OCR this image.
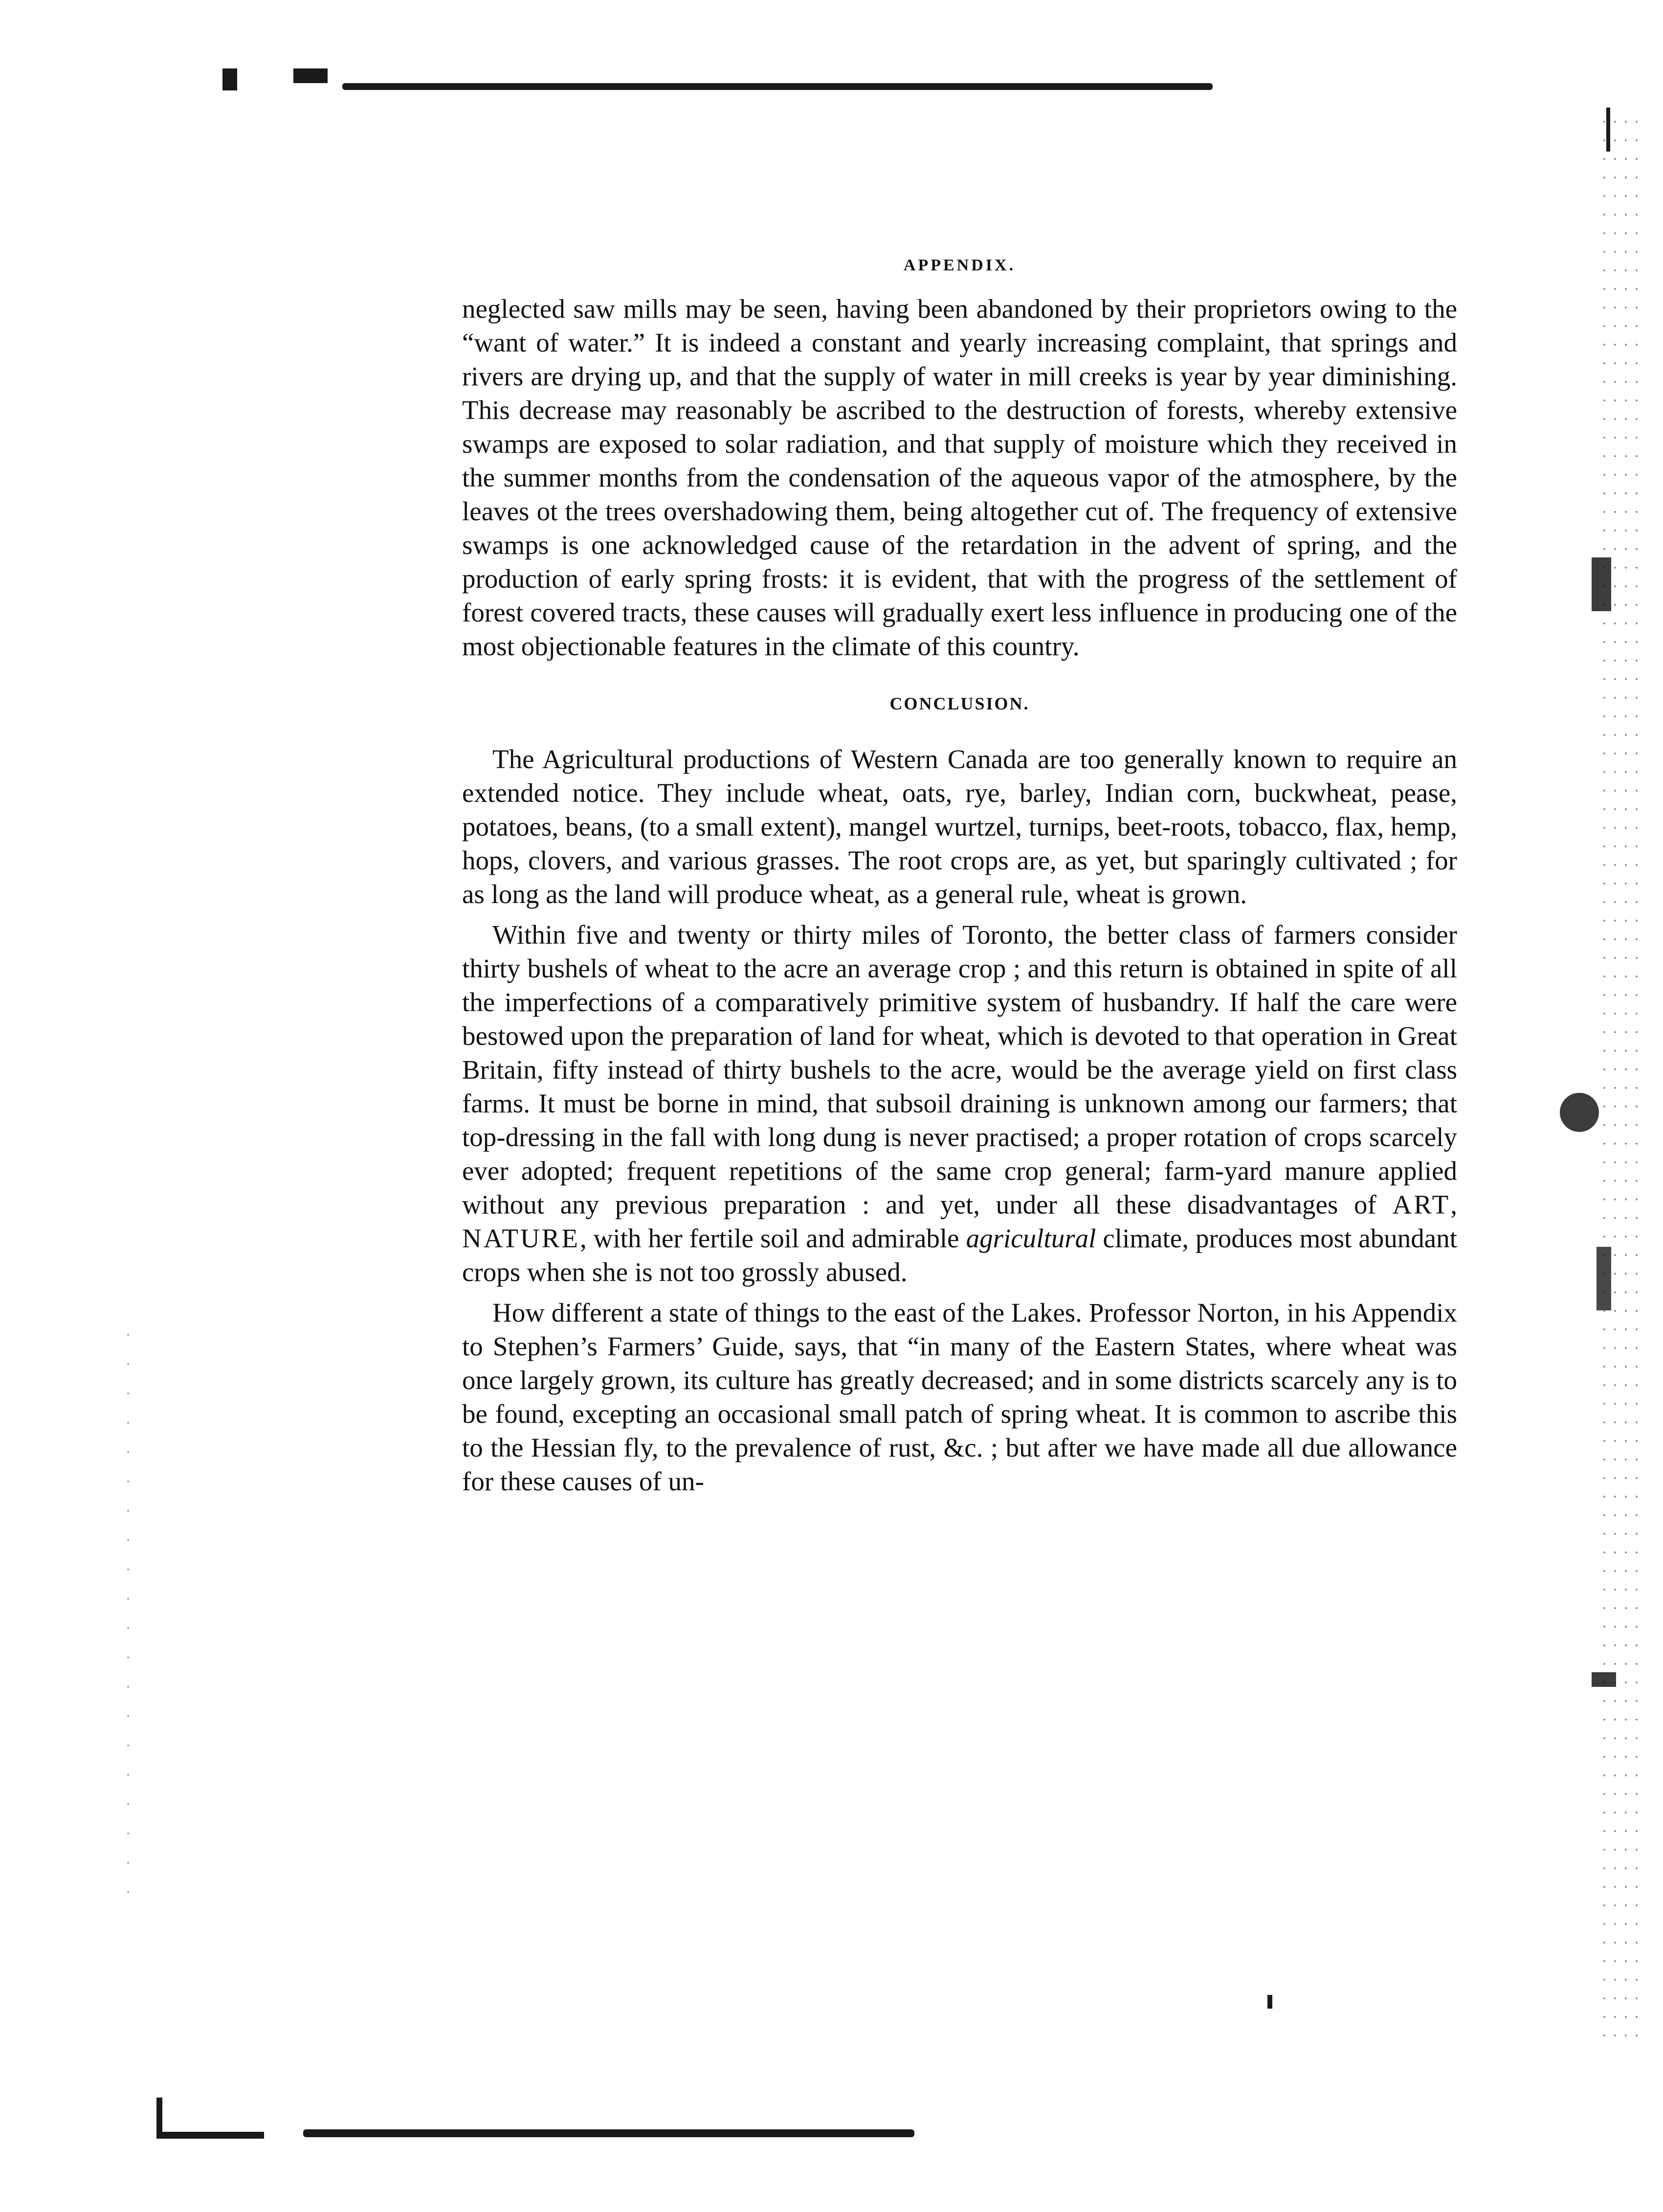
APPENDIX.

neglected saw mills may be seen, having been abandoned by their proprietors owing to the “want of water.” It is indeed a constant and yearly increasing complaint, that springs and rivers are drying up, and that the supply of water in mill creeks is year by year diminishing. This decrease may reasonably be ascribed to the destruction of forests, whereby extensive swamps are exposed to solar radiation, and that supply of moisture which they received in the summer months from the condensation of the aqueous vapor of the atmosphere, by the leaves ot the trees overshadowing them, being altogether cut of. The frequency of extensive swamps is one acknowledged cause of the retardation in the advent of spring, and the production of early spring frosts: it is evident, that with the progress of the settlement of forest covered tracts, these causes will gradually exert less influence in producing one of the most objectionable features in the climate of this country.

CONCLUSION.

The Agricultural productions of Western Canada are too generally known to require an extended notice. They include wheat, oats, rye, barley, Indian corn, buckwheat, pease, potatoes, beans, (to a small extent), mangel wurtzel, turnips, beet-roots, tobacco, flax, hemp, hops, clovers, and various grasses. The root crops are, as yet, but sparingly cultivated ; for as long as the land will produce wheat, as a general rule, wheat is grown.

Within five and twenty or thirty miles of Toronto, the better class of farmers consider thirty bushels of wheat to the acre an average crop ; and this return is obtained in spite of all the imperfections of a comparatively primitive system of husbandry. If half the care were bestowed upon the preparation of land for wheat, which is devoted to that operation in Great Britain, fifty instead of thirty bushels to the acre, would be the average yield on first class farms. It must be borne in mind, that subsoil draining is unknown among our farmers; that top-dressing in the fall with long dung is never practised; a proper rotation of crops scarcely ever adopted; frequent repetitions of the same crop general; farm-yard manure applied without any previous preparation : and yet, under all these disadvantages of ART, NATURE, with her fertile soil and admirable agricultural climate, produces most abundant crops when she is not too grossly abused.

How different a state of things to the east of the Lakes. Professor Norton, in his Appendix to Stephen’s Farmers’ Guide, says, that “in many of the Eastern States, where wheat was once largely grown, its culture has greatly decreased; and in some districts scarcely any is to be found, excepting an occasional small patch of spring wheat. It is common to ascribe this to the Hessian fly, to the prevalence of rust, &c. ; but after we have made all due allowance for these causes of un-
